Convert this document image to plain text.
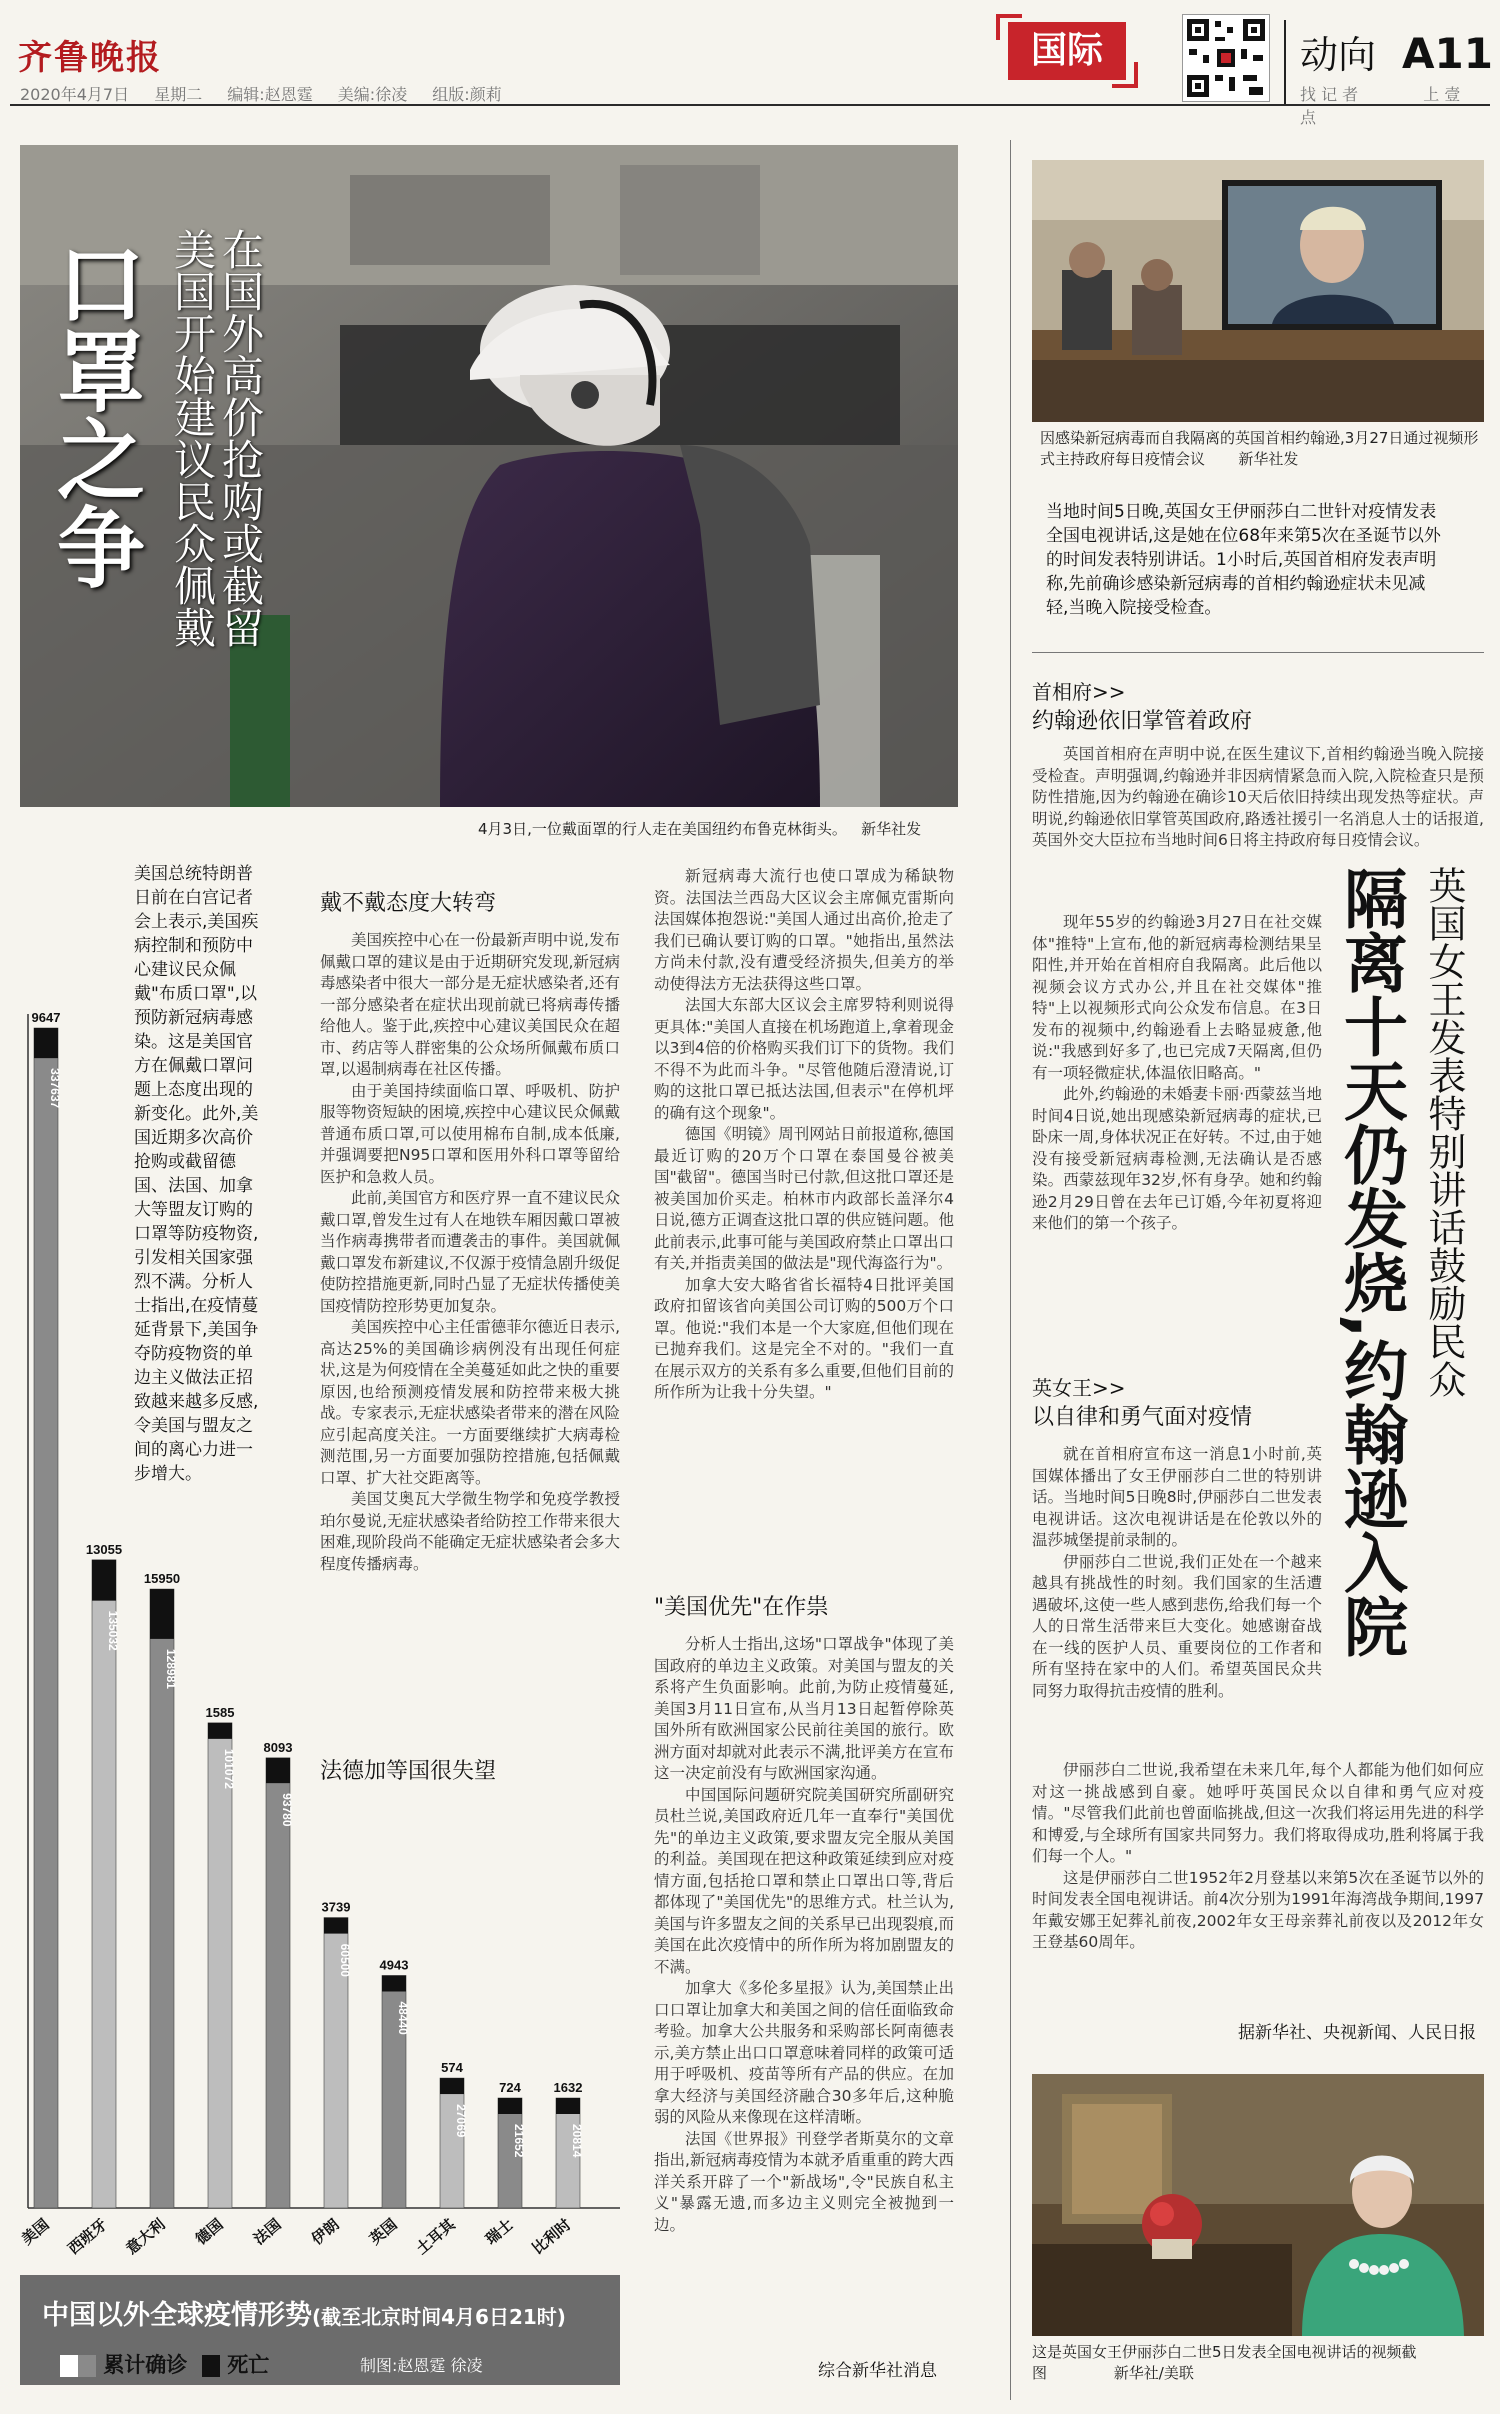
齐鲁晚报
2020年4月7日 星期二 编辑:赵恩霆 美编:徐凌 组版:颜莉
国际	动向 A11
找 记 者	上 壹 点
口罩之争 在国外高价抢购或截留
美国开始建议民众佩戴
4月3日,一位戴面罩的行人走在美国纽约布鲁克林街头。 新华社发
美国总统特朗普日前在白宫记者会上表示,美国疾病控制和预防中心建议民众佩戴"布质口罩",以预防新冠病毒感染。这是美国官方在佩戴口罩问题上态度出现的新变化。此外,美国近期多次高价抢购或截留德国、法国、加拿大等盟友订购的口罩等防疫物资,引发相关国家强烈不满。分析人士指出,在疫情蔓延背景下,美国争夺防疫物资的单边主义做法正招致越来越多反感,令美国与盟友之间的离心力进一步增大。
戴不戴态度大转弯

美国疾控中心在一份最新声明中说,发布佩戴口罩的建议是由于近期研究发现,新冠病毒感染者中很大一部分是无症状感染者,还有一部分感染者在症状出现前就已将病毒传播给他人。鉴于此,疾控中心建议美国民众在超市、药店等人群密集的公众场所佩戴布质口罩,以遏制病毒在社区传播。

由于美国持续面临口罩、呼吸机、防护服等物资短缺的困境,疾控中心建议民众佩戴普通布质口罩,可以使用棉布自制,成本低廉,并强调要把N95口罩和医用外科口罩等留给医护和急救人员。

此前,美国官方和医疗界一直不建议民众戴口罩,曾发生过有人在地铁车厢因戴口罩被当作病毒携带者而遭袭击的事件。美国就佩戴口罩发布新建议,不仅源于疫情急剧升级促使防控措施更新,同时凸显了无症状传播使美国疫情防控形势更加复杂。

美国疾控中心主任雷德菲尔德近日表示,高达25%的美国确诊病例没有出现任何症状,这是为何疫情在全美蔓延如此之快的重要原因,也给预测疫情发展和防控带来极大挑战。专家表示,无症状感染者带来的潜在风险应引起高度关注。一方面要继续扩大病毒检测范围,另一方面要加强防控措施,包括佩戴口罩、扩大社交距离等。

美国艾奥瓦大学微生物学和免疫学教授珀尔曼说,无症状感染者给防控工作带来很大困难,现阶段尚不能确定无症状感染者会多大程度传播病毒。

法德加等国很失望

新冠病毒大流行也使口罩成为稀缺物资。法国法兰西岛大区议会主席佩克雷斯向法国媒体抱怨说:"美国人通过出高价,抢走了我们已确认要订购的口罩。"她指出,虽然法方尚未付款,没有遭受经济损失,但美方的举动使得法方无法获得这些口罩。

法国大东部大区议会主席罗特利则说得更具体:"美国人直接在机场跑道上,拿着现金以3到4倍的价格购买我们订下的货物。我们不得不为此而斗争。"尽管他随后澄清说,订购的这批口罩已抵达法国,但表示"在停机坪的确有这个现象"。

德国《明镜》周刊网站日前报道称,德国最近订购的20万个口罩在泰国曼谷被美国"截留"。德国当时已付款,但这批口罩还是被美国加价买走。柏林市内政部长盖泽尔4日说,德方正调查这批口罩的供应链问题。他此前表示,此事可能与美国政府禁止口罩出口有关,并指责美国的做法是"现代海盗行为"。

加拿大安大略省省长福特4日批评美国政府扣留该省向美国公司订购的500万个口罩。他说:"我们本是一个大家庭,但他们现在已抛弃我们。这是完全不对的。"我们一直在展示双方的关系有多么重要,但他们目前的所作所为让我十分失望。"

"美国优先"在作祟

分析人士指出,这场"口罩战争"体现了美国政府的单边主义政策。对美国与盟友的关系将产生负面影响。此前,为防止疫情蔓延,美国3月11日宣布,从当月13日起暂停除英国外所有欧洲国家公民前往美国的旅行。欧洲方面对却就对此表示不满,批评美方在宣布这一决定前没有与欧洲国家沟通。

中国国际问题研究院美国研究所副研究员杜兰说,美国政府近几年一直奉行"美国优先"的单边主义政策,要求盟友完全服从美国的利益。美国现在把这种政策延续到应对疫情方面,包括抢口罩和禁止口罩出口等,背后都体现了"美国优先"的思维方式。杜兰认为,美国与许多盟友之间的关系早已出现裂痕,而美国在此次疫情中的所作所为将加剧盟友的不满。

加拿大《多伦多星报》认为,美国禁止出口口罩让加拿大和美国之间的信任面临致命考验。加拿大公共服务和采购部长阿南德表示,美方禁止出口口罩意味着同样的政策可适用于呼吸机、疫苗等所有产品的供应。在加拿大经济与美国经济融合30多年后,这种脆弱的风险从来像现在这样清晰。

法国《世界报》刊登学者斯莫尔的文章指出,新冠病毒疫情为本就矛盾重重的跨大西洋关系开辟了一个"新战场",令"民族自私主义"暴露无遗,而多边主义则完全被抛到一边。

综合新华社消息
9647
337637
美国
13055
135032
西班牙
15950
128981
意大利
1585
101072
德国
8093
93780
法国
3739
60500
伊朗
4943
48440
英国
574
27069
土耳其
724
21652
瑞士
1632
20814
比利时
中国以外全球疫情形势(截至北京时间4月6日21时)
累计确诊 死亡	制图:赵恩霆 徐凌
因感染新冠病毒而自我隔离的英国首相约翰逊,3月27日通过视频形式主持政府每日疫情会议 新华社发
当地时间5日晚,英国女王伊丽莎白二世针对疫情发表全国电视讲话,这是她在位68年来第5次在圣诞节以外的时间发表特别讲话。1小时后,英国首相府发表声明称,先前确诊感染新冠病毒的首相约翰逊症状未见减轻,当晚入院接受检查。
首相府>>
约翰逊依旧掌管着政府

英国首相府在声明中说,在医生建议下,首相约翰逊当晚入院接受检查。声明强调,约翰逊并非因病情紧急而入院,入院检查只是预防性措施,因为约翰逊在确诊10天后依旧持续出现发热等症状。声明说,约翰逊依旧掌管英国政府,路透社援引一名消息人士的话报道,英国外交大臣拉布当地时间6日将主持政府每日疫情会议。

现年55岁的约翰逊3月27日在社交媒体"推特"上宣布,他的新冠病毒检测结果呈阳性,并开始在首相府自我隔离。此后他以视频会议方式办公,并且在社交媒体"推特"上以视频形式向公众发布信息。在3日发布的视频中,约翰逊看上去略显疲惫,他说:"我感到好多了,也已完成7天隔离,但仍有一项轻微症状,体温依旧略高。"

此外,约翰逊的未婚妻卡丽·西蒙兹当地时间4日说,她出现感染新冠病毒的症状,已卧床一周,身体状况正在好转。不过,由于她没有接受新冠病毒检测,无法确认是否感染。西蒙兹现年32岁,怀有身孕。她和约翰逊2月29日曾在去年已订婚,今年初夏将迎来他们的第一个孩子。	英国女王发表特别讲话鼓励民众
隔离十天仍发烧,约翰逊入院
英女王>>
以自律和勇气面对疫情

就在首相府宣布这一消息1小时前,英国媒体播出了女王伊丽莎白二世的特别讲话。当地时间5日晚8时,伊丽莎白二世发表电视讲话。这次电视讲话是在伦敦以外的温莎城堡提前录制的。

伊丽莎白二世说,我们正处在一个越来越具有挑战性的时刻。我们国家的生活遭遇破坏,这使一些人感到悲伤,给我们每一个人的日常生活带来巨大变化。她感谢奋战在一线的医护人员、重要岗位的工作者和所有坚持在家中的人们。希望英国民众共同努力取得抗击疫情的胜利。

伊丽莎白二世说,我希望在未来几年,每个人都能为他们如何应对这一挑战感到自豪。她呼吁英国民众以自律和勇气应对疫情。"尽管我们此前也曾面临挑战,但这一次我们将运用先进的科学和博爱,与全球所有国家共同努力。我们将取得成功,胜利将属于我们每一个人。"

这是伊丽莎白二世1952年2月登基以来第5次在圣诞节以外的时间发表全国电视讲话。前4次分别为1991年海湾战争期间,1997年戴安娜王妃葬礼前夜,2002年女王母亲葬礼前夜以及2012年女王登基60周年。

据新华社、央视新闻、人民日报
这是英国女王伊丽莎白二世5日发表全国电视讲话的视频截图	新华社/美联
